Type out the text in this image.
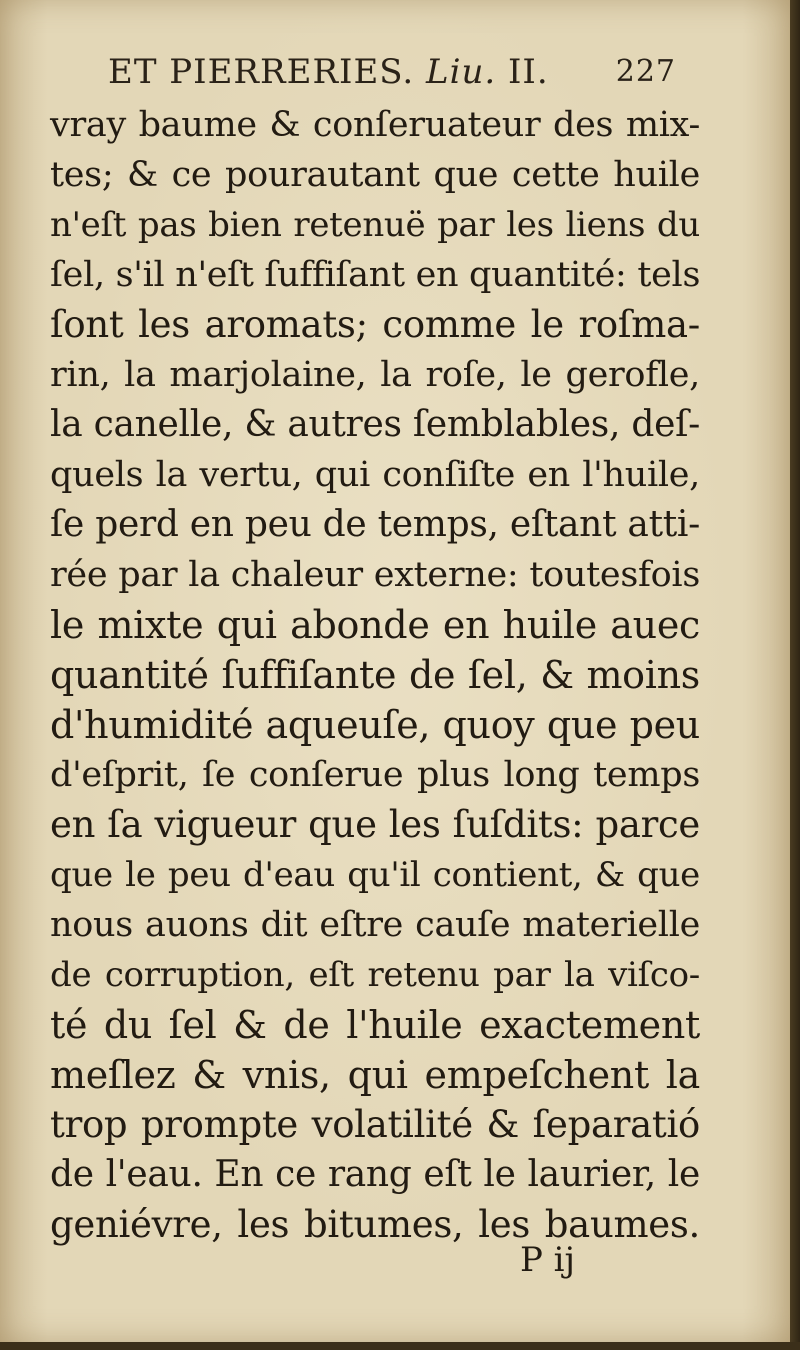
ET PIERRERIES. Liu. II. 227
vray baume & conſeruateur des mix-
tes; & ce pourautant que cette huile
n'eſt pas bien retenuë par les liens du
ſel, s'il n'eſt ſuffiſant en quantité: tels
ſont les aromats; comme le roſma-
rin, la marjolaine, la roſe, le gerofle,
la canelle, & autres ſemblables, deſ-
quels la vertu, qui conſiſte en l'huile,
ſe perd en peu de temps, eſtant atti-
rée par la chaleur externe: toutesfois
le mixte qui abonde en huile auec
quantité ſuffiſante de ſel, & moins
d'humidité aqueuſe, quoy que peu
d'eſprit, ſe conſerue plus long temps
en ſa vigueur que les ſuſdits: parce
que le peu d'eau qu'il contient, & que
nous auons dit eſtre cauſe materielle
de corruption, eſt retenu par la viſco-
té du ſel & de l'huile exactement
meſlez & vnis, qui empeſchent la
trop prompte volatilité & ſeparatió
de l'eau. En ce rang eſt le laurier, le
geniévre, les bitumes, les baumes.
P ij
